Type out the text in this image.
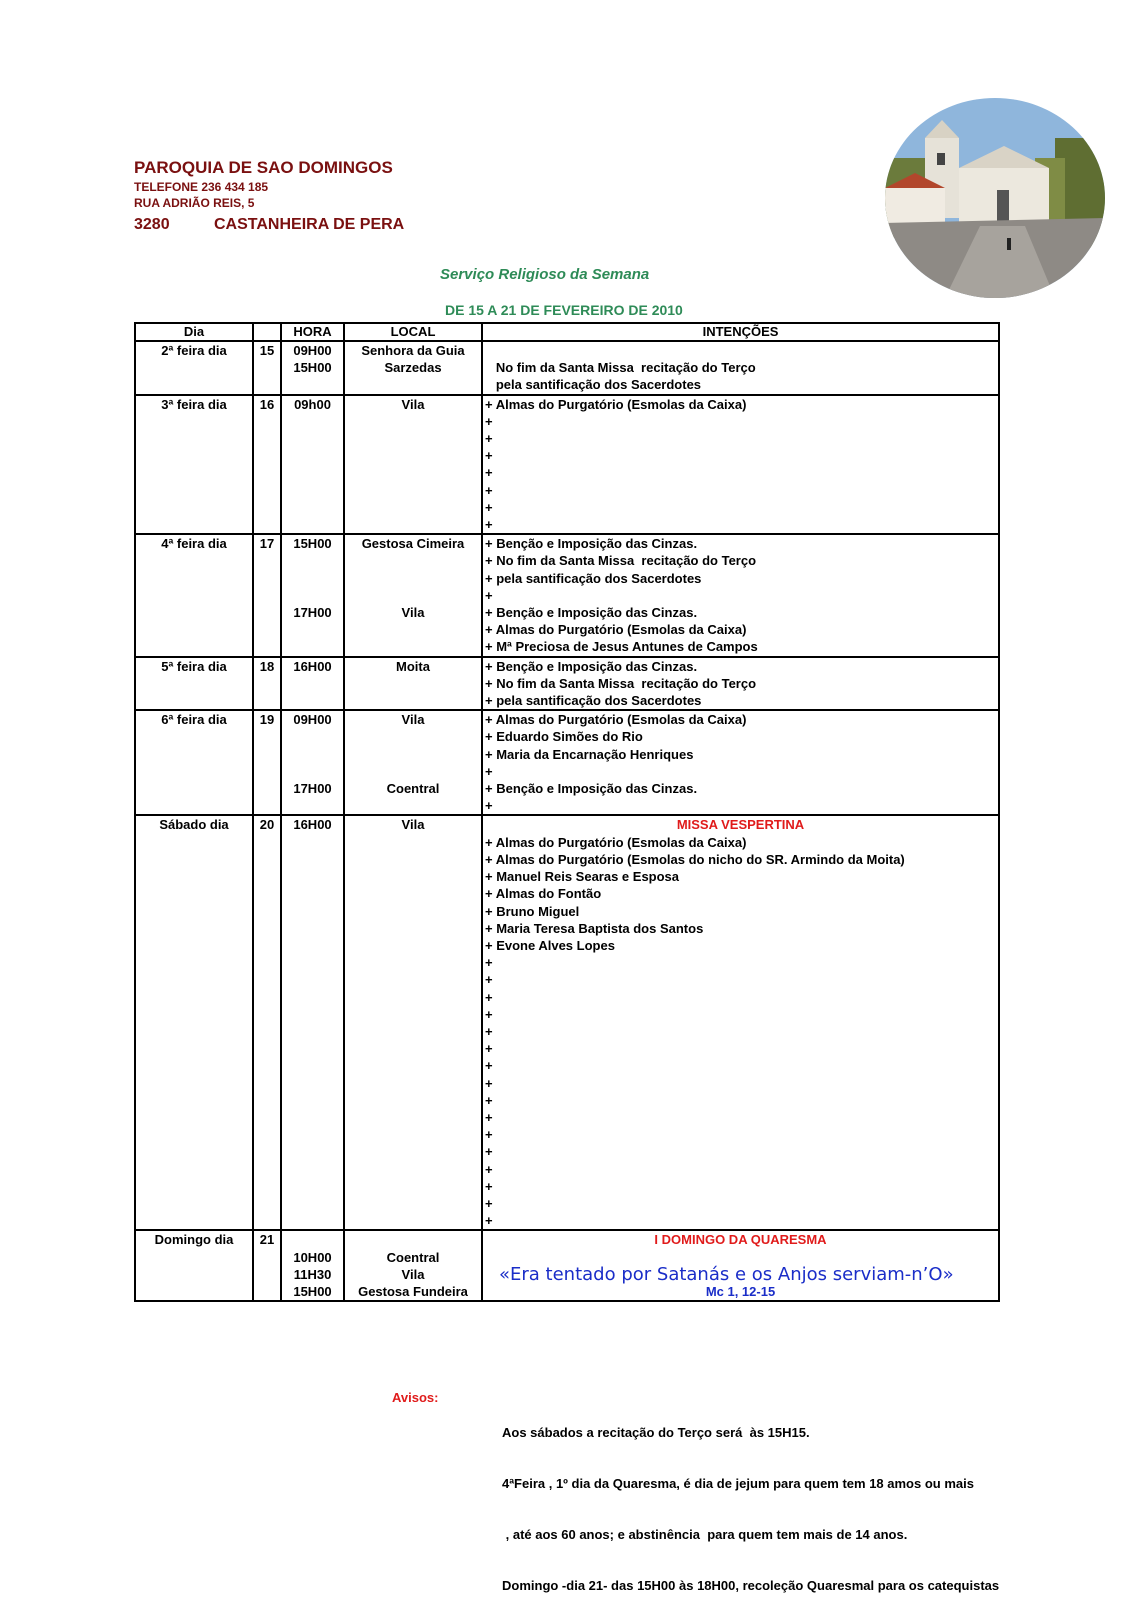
PAROQUIA DE SAO DOMINGOS

TELEFONE 236 434 185

RUA ADRIÃO REIS, 5

3280	CASTANHEIRA DE PERA

Serviço Religioso da Semana
DE 15 A 21 DE FEVEREIRO DE 2010
Dia		HORA	LOCAL	INTENÇÕES
2ª feira dia	15	09H00	Senhora da Guia	
		15H00	Sarzedas	No fim da Santa Missa  recitação do Terço
				pela santificação dos Sacerdotes
3ª feira dia	16	09h00	Vila	+ Almas do Purgatório (Esmolas da Caixa)
				+
				+
				+
				+
				+
				+
				+
4ª feira dia	17	15H00	Gestosa Cimeira	+ Benção e Imposição das Cinzas.
				+ No fim da Santa Missa  recitação do Terço
				+ pela santificação dos Sacerdotes
				+
		17H00	Vila	+ Benção e Imposição das Cinzas.
				+ Almas do Purgatório (Esmolas da Caixa)
				+ Mª Preciosa de Jesus Antunes de Campos
5ª feira dia	18	16H00	Moita	+ Benção e Imposição das Cinzas.
				+ No fim da Santa Missa  recitação do Terço
				+ pela santificação dos Sacerdotes

6ª feira dia	19	09H00	Vila	+ Almas do Purgatório (Esmolas da Caixa)
				+ Eduardo Simões do Rio
				+ Maria da Encarnação Henriques
				+
		17H00	Coentral	+ Benção e Imposição das Cinzas.
				+
Sábado dia	20	16H00	Vila	MISSA VESPERTINA
				+ Almas do Purgatório (Esmolas da Caixa)
				+ Almas do Purgatório (Esmolas do nicho do SR. Armindo da Moita)
				+ Manuel Reis Searas e Esposa
				+ Almas do Fontão
				+ Bruno Miguel
				+ Maria Teresa Baptista dos Santos
				+ Evone Alves Lopes
				+
				+
				+
				+
				+
				+
				+
				+
				+
				+
				+
				+
				+
				+
				+
				+
Domingo dia	21			I DOMINGO DA QUARESMA
		10H00	Coentral	
		11H30	Vila	«Era tentado por Satanás e os Anjos serviam-n’O»
		15H00	Gestosa Fundeira	Mc 1, 12-15
Avisos:

Aos sábados a recitação do Terço será  às 15H15.

4ªFeira , 1º dia da Quaresma, é dia de jejum para quem tem 18 amos ou mais

, até aos 60 anos; e abstinência  para quem tem mais de 14 anos.

Domingo -dia 21- das 15H00 às 18H00, recoleção Quaresmal para os catequistas
